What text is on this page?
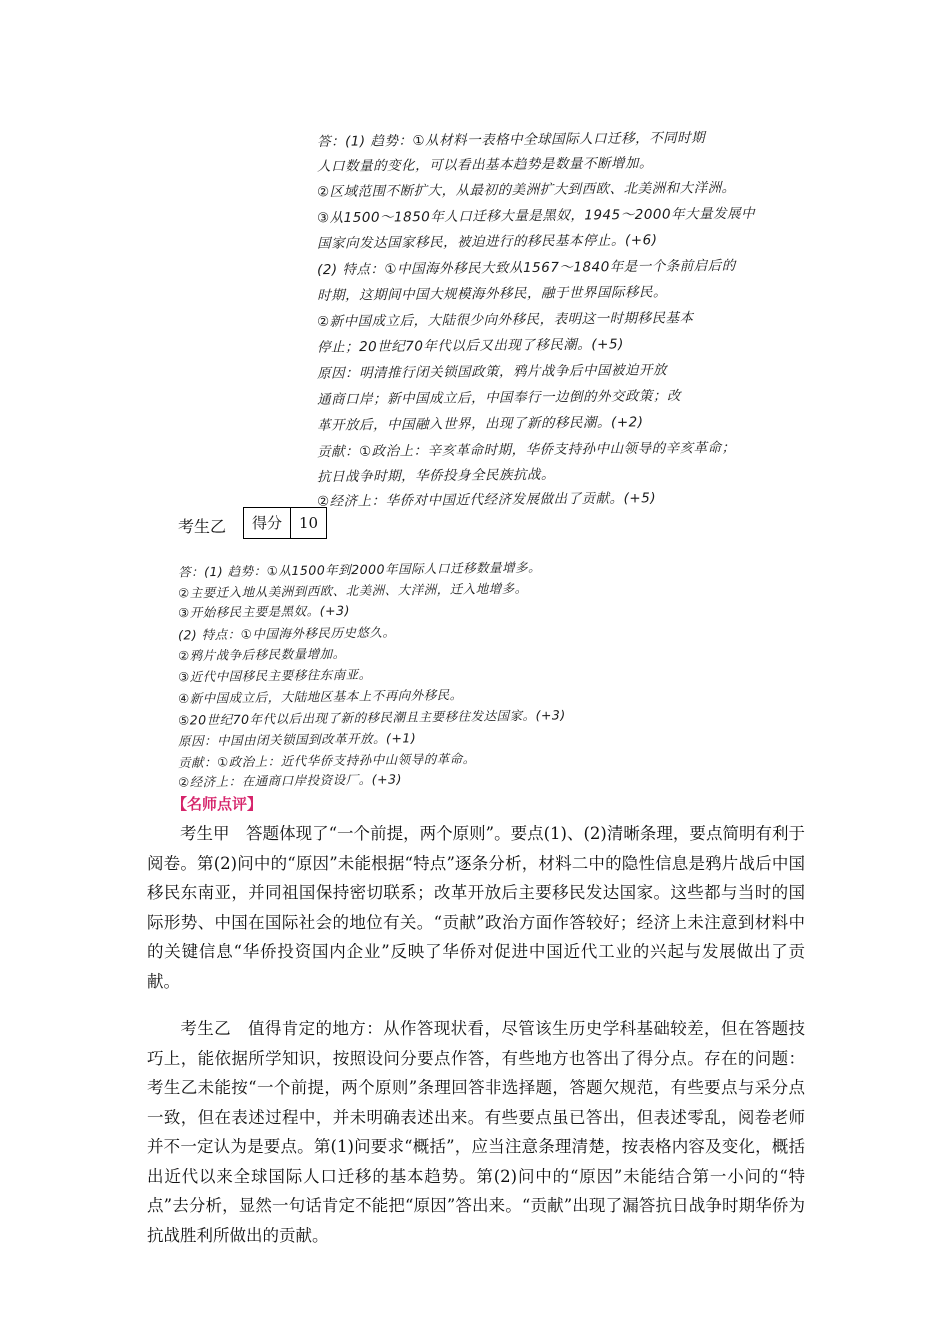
答：(1) 趋势：①从材料一表格中全球国际人口迁移，不同时期
人口数量的变化，可以看出基本趋势是数量不断增加。
②区域范围不断扩大，从最初的美洲扩大到西欧、北美洲和大洋洲。
③从1500～1850年人口迁移大量是黑奴，1945～2000年大量发展中
国家向发达国家移民，被迫进行的移民基本停止。(+6)
(2) 特点：①中国海外移民大致从1567～1840年是一个条前启后的
时期，这期间中国大规模海外移民，融于世界国际移民。
②新中国成立后，大陆很少向外移民，表明这一时期移民基本
停止；20世纪70年代以后又出现了移民潮。(+5)
原因：明清推行闭关锁国政策，鸦片战争后中国被迫开放
通商口岸；新中国成立后，中国奉行一边倒的外交政策；改
革开放后，中国融入世界，出现了新的移民潮。(+2)
贡献：①政治上：辛亥革命时期，华侨支持孙中山领导的辛亥革命；
抗日战争时期，华侨投身全民族抗战。
②经济上：华侨对中国近代经济发展做出了贡献。(+5)
考生乙	得分	10
答：(1) 趋势：①从1500年到2000年国际人口迁移数量增多。
②主要迁入地从美洲到西欧、北美洲、大洋洲，迁入地增多。
③开始移民主要是黑奴。(+3)
(2) 特点：①中国海外移民历史悠久。
②鸦片战争后移民数量增加。
③近代中国移民主要移往东南亚。
④新中国成立后，大陆地区基本上不再向外移民。
⑤20世纪70年代以后出现了新的移民潮且主要移往发达国家。(+3)
原因：中国由闭关锁国到改革开放。(+1)
贡献：①政治上：近代华侨支持孙中山领导的革命。
②经济上：在通商口岸投资设厂。(+3)
【名师点评】
考生甲　答题体现了“一个前提，两个原则”。要点(1)、(2)清晰条理，要点简明有利于阅卷。第(2)问中的“原因”未能根据“特点”逐条分析，材料二中的隐性信息是鸦片战后中国移民东南亚，并同祖国保持密切联系；改革开放后主要移民发达国家。这些都与当时的国际形势、中国在国际社会的地位有关。“贡献”政治方面作答较好；经济上未注意到材料中的关键信息“华侨投资国内企业”反映了华侨对促进中国近代工业的兴起与发展做出了贡献。
考生乙　值得肯定的地方：从作答现状看，尽管该生历史学科基础较差，但在答题技巧上，能依据所学知识，按照设问分要点作答，有些地方也答出了得分点。存在的问题：考生乙未能按“一个前提，两个原则”条理回答非选择题，答题欠规范，有些要点与采分点一致，但在表述过程中，并未明确表述出来。有些要点虽已答出，但表述零乱，阅卷老师并不一定认为是要点。第(1)问要求“概括”，应当注意条理清楚，按表格内容及变化，概括出近代以来全球国际人口迁移的基本趋势。第(2)问中的“原因”未能结合第一小问的“特点”去分析，显然一句话肯定不能把“原因”答出来。“贡献”出现了漏答抗日战争时期华侨为抗战胜利所做出的贡献。
